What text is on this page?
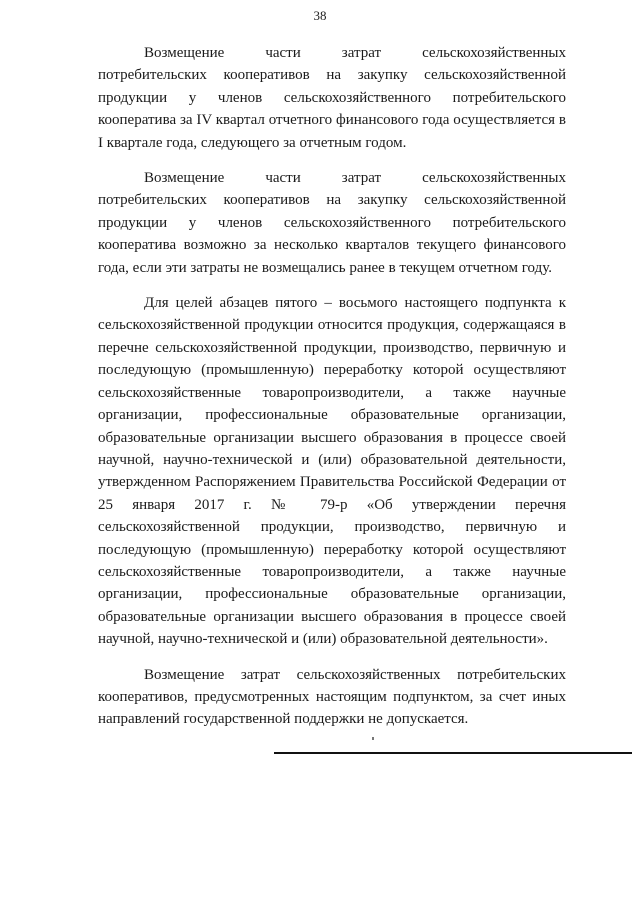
38

Возмещение части затрат сельскохозяйственных потребительских кооперативов на закупку сельскохозяйственной продукции у членов сельскохозяйственного потребительского кооператива за IV квартал отчетного финансового года осуществляется в I квартале года, следующего за отчетным годом.

Возмещение части затрат сельскохозяйственных потребительских кооперативов на закупку сельскохозяйственной продукции у членов сельскохозяйственного потребительского кооператива возможно за несколько кварталов текущего финансового года, если эти затраты не возмещались ранее в текущем отчетном году.

Для целей абзацев пятого – восьмого настоящего подпункта к сельскохозяйственной продукции относится продукция, содержащаяся в перечне сельскохозяйственной продукции, производство, первичную и последующую (промышленную) переработку которой осуществляют сельскохозяйственные товаропроизводители, а также научные организации, профессиональные образовательные организации, образовательные организации высшего образования в процессе своей научной, научно-технической и (или) образовательной деятельности, утвержденном Распоряжением Правительства Российской Федерации от 25 января 2017 г. № 79-р «Об утверждении перечня сельскохозяйственной продукции, производство, первичную и последующую (промышленную) переработку которой осуществляют сельскохозяйственные товаропроизводители, а также научные организации, профессиональные образовательные организации, образовательные организации высшего образования в процессе своей научной, научно-технической и (или) образовательной деятельности».

Возмещение затрат сельскохозяйственных потребительских кооперативов, предусмотренных настоящим подпунктом, за счет иных направлений государственной поддержки не допускается.
